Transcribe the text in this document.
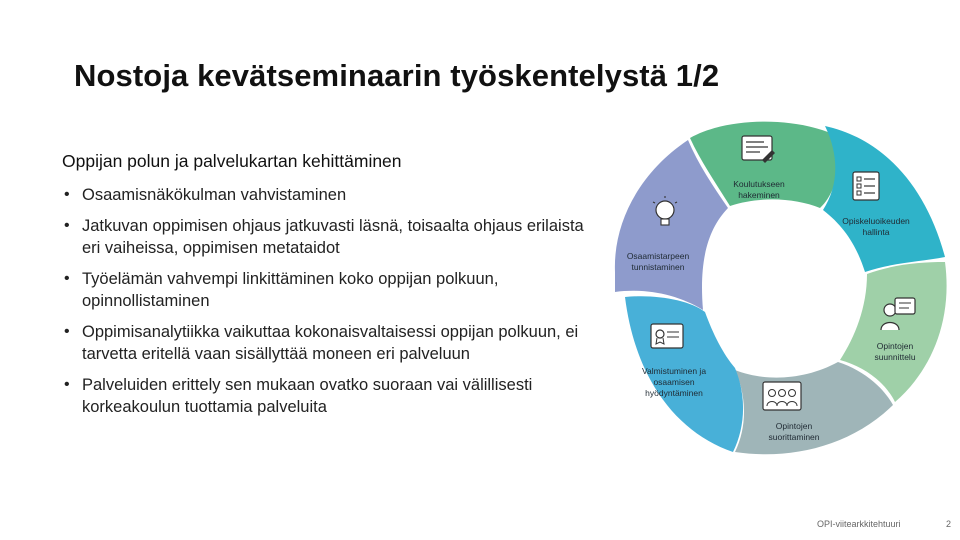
Nostoja kevätseminaarin työskentelystä 1/2
Oppijan polun ja palvelukartan kehittäminen
• Osaamisnäkökulman vahvistaminen
• Jatkuvan oppimisen ohjaus jatkuvasti läsnä, toisaalta ohjaus erilaista eri vaiheissa, oppimisen metataidot
• Työelämän vahvempi linkittäminen koko oppijan polkuun, opinnollistaminen
• Oppimisanalytiikka vaikuttaa kokonaisvaltaisessi oppijan polkuun, ei tarvetta eritellä vaan sisällyttää moneen eri palveluun
• Palveluiden erittely sen mukaan ovatko suoraan vai välillisesti korkeakoulun tuottamia palveluita
Koulutukseen
hakeminen
Opiskeluoikeuden
hallinta
Opintojen
suunnittelu
Opintojen
suorittaminen
Valmistuminen ja
osaamisen
hyödyntäminen
Osaamistarpeen
tunnistaminen
OPI-viitearkkitehtuuri	2
